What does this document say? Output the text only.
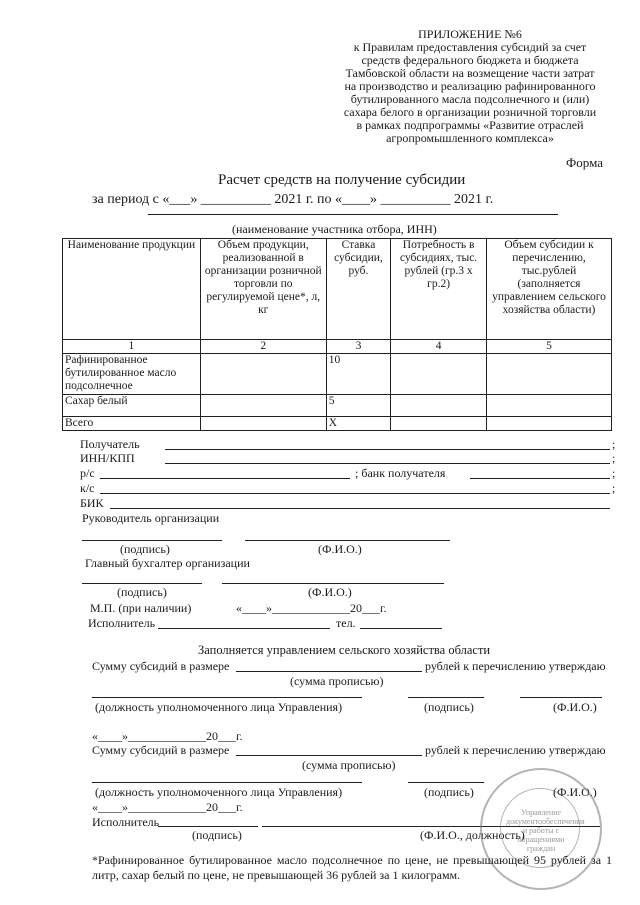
ПРИЛОЖЕНИЕ №6
к Правилам предоставления субсидий за счет
средств федерального бюджета и бюджета
Тамбовской области на возмещение части затрат
на производство и реализацию рафинированного
бутилированного масла подсолнечного и (или)
сахара белого в организации розничной торговли
в рамках подпрограммы «Развитие отраслей
агропромышленного комплекса»
Форма
Расчет средств на получение субсидии
за период с «___» __________ 2021 г. по «____» __________ 2021 г.
(наименование участника отбора, ИНН)
Наименование продукции	Объем продукции, реализованной в организации розничной торговли по регулируемой цене*, л, кг	Ставка субсидии, руб.	Потребность в субсидиях, тыс. рублей (гр.3 х гр.2)	Объем субсидии к перечислению, тыс.рублей (заполняется управлением сельского хозяйства области)
1	2	3	4	5
Рафинированное бутилированное масло подсолнечное		10		
Сахар белый		5		
Всего		X		
Получатель	;
ИНН/КПП	;
р/с	; банк получателя	;
к/с	;
БИК
Руководитель организации
(подпись)	(Ф.И.О.)
Главный бухгалтер организации
(подпись)	(Ф.И.О.)
М.П. (при наличии)	«____»_____________20___г.
Исполнитель	тел.
Заполняется управлением сельского хозяйства области
Сумму субсидий в размере	рублей к перечислению утверждаю
(сумма прописью)
(должность уполномоченного лица Управления)	(подпись)	(Ф.И.О.)
«____»_____________20___г.
Сумму субсидий в размере	рублей к перечислению утверждаю
(сумма прописью)
(должность уполномоченного лица Управления)	(подпись)	(Ф.И.О.)
«____»_____________20___г.
Исполнитель
(подпись)	(Ф.И.О., должность)
Управление документообеспечения и работы с обращениями граждан
*Рафинированное бутилированное масло подсолнечное по цене, не превышающей 95 рублей за 1 литр, сахар белый по цене, не превышающей 36 рублей за 1 килограмм.
